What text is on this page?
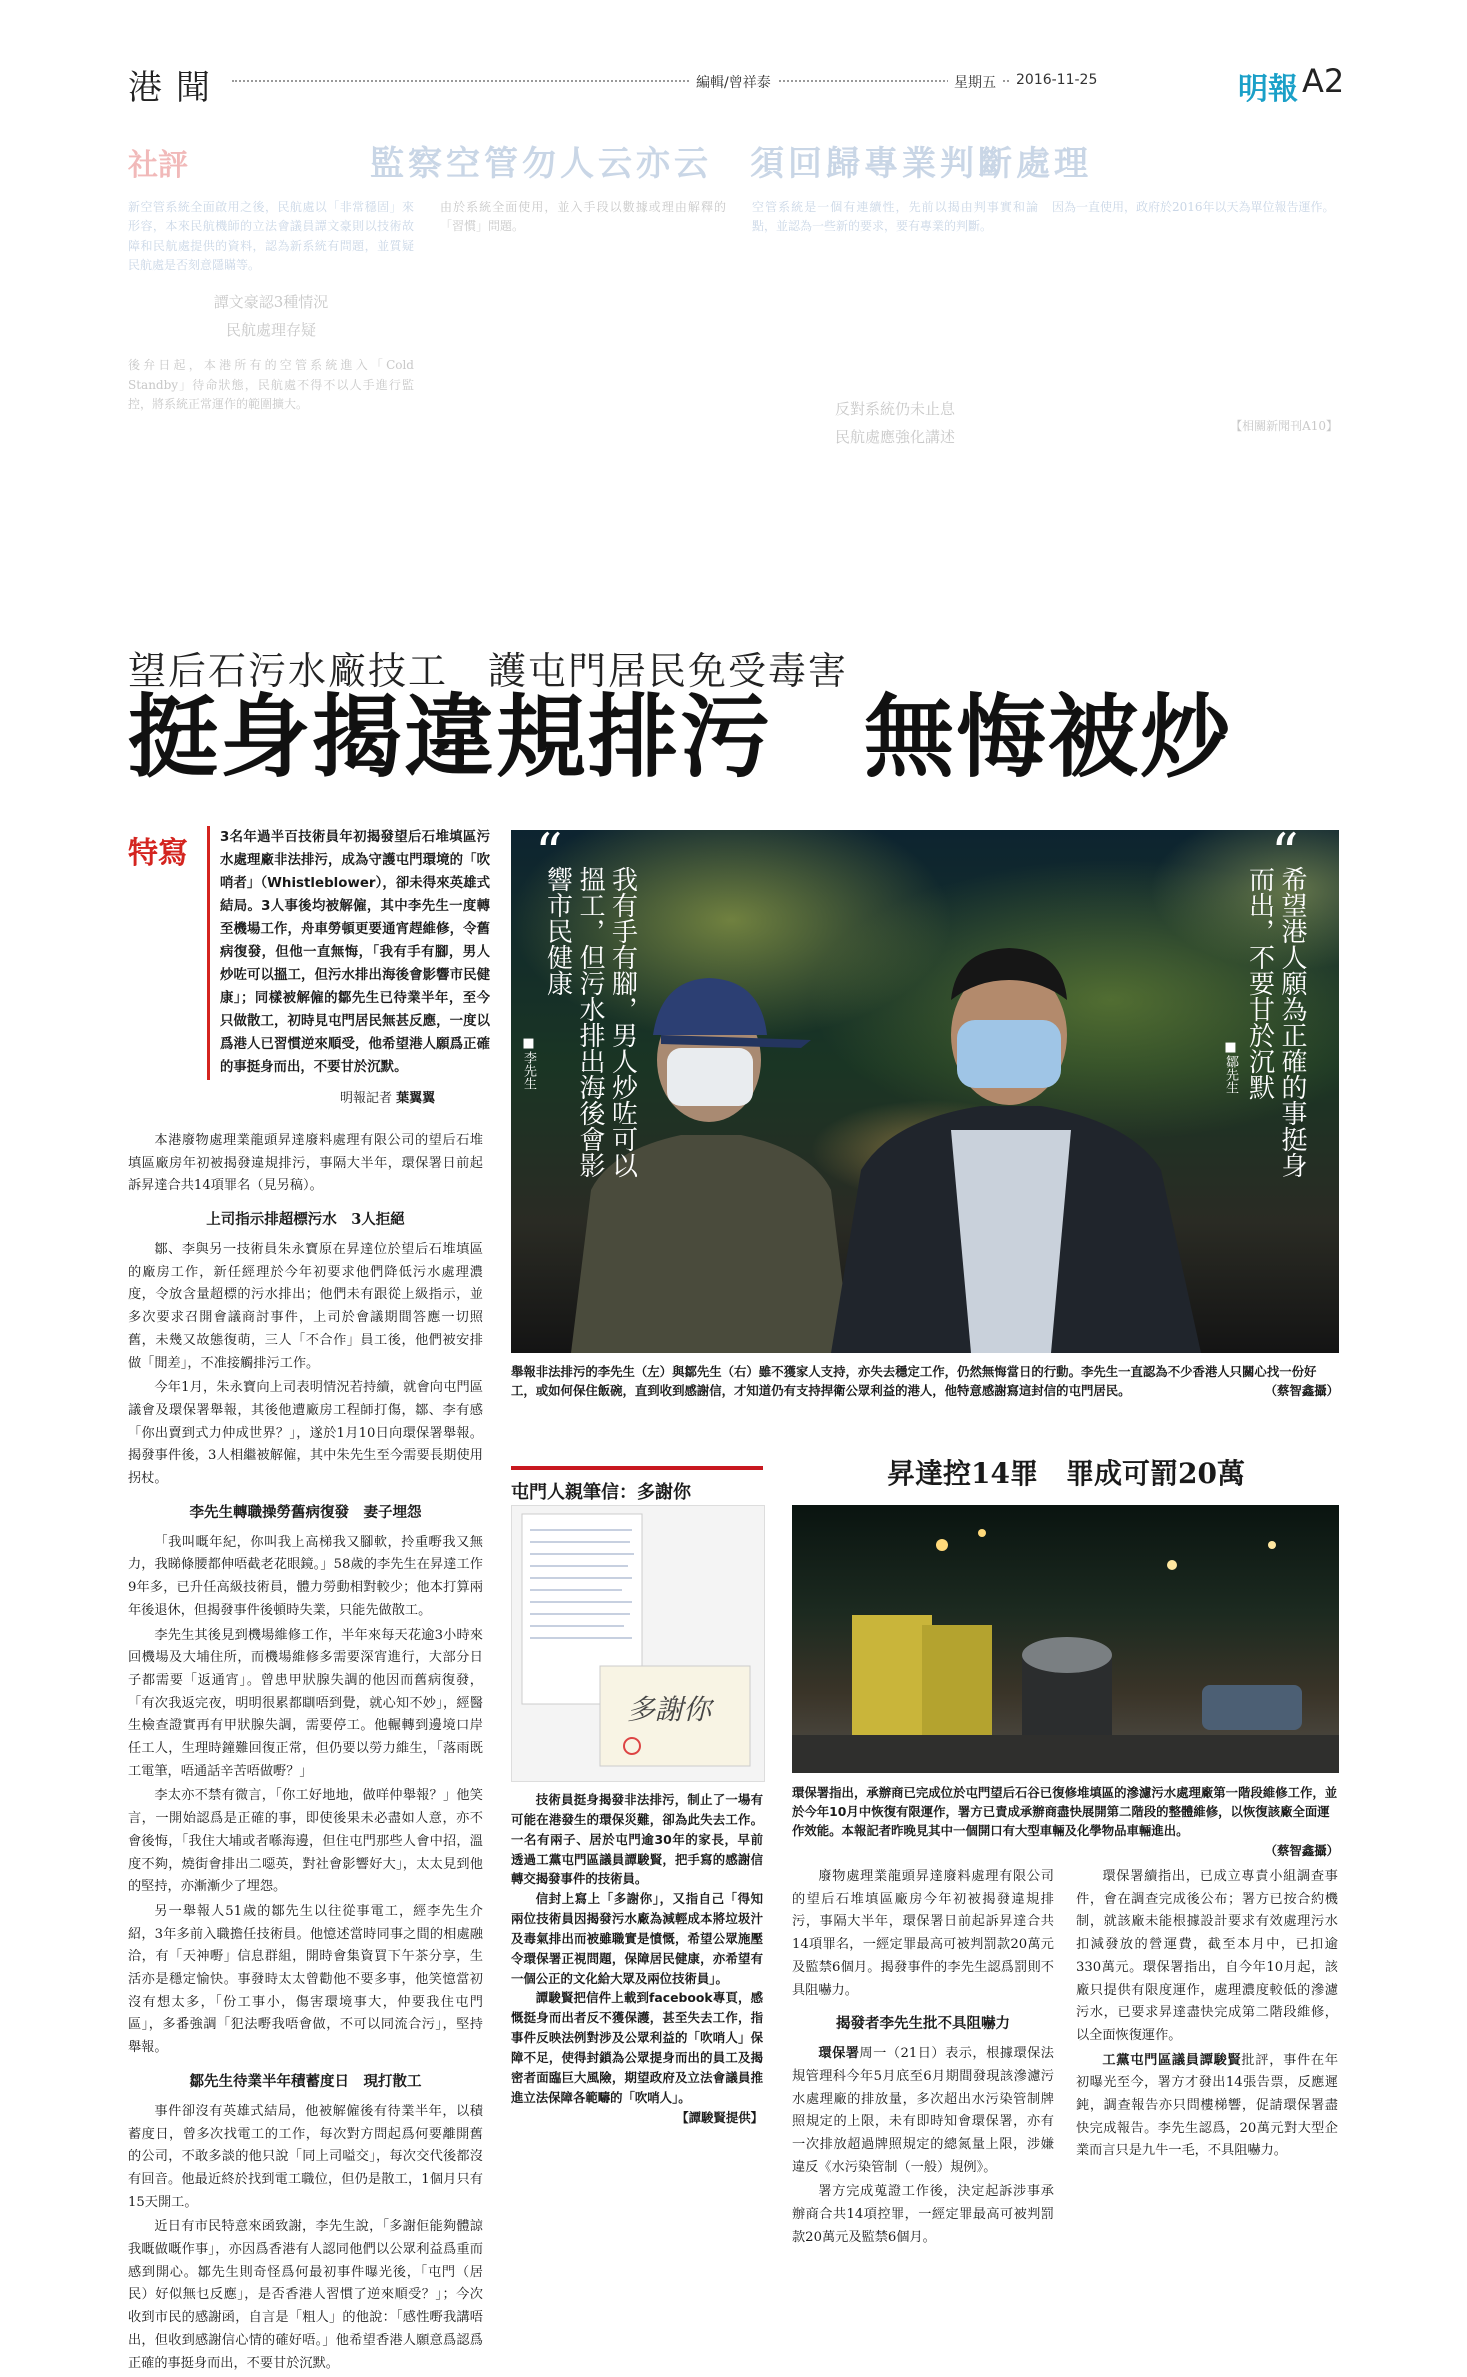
港聞	編輯/曾祥泰	星期五	2016-11-25	明報 A2
社評	監察空管勿人云亦云　須回歸專業判斷處理
新空管系統全面啟用之後，民航處以「非常穩固」來形容，本來民航機師的立法會議員譚文豪則以技術故障和民航處提供的資料，認為新系統有問題，並質疑民航處是否刻意隱瞞等。
譚文豪認3種情況
民航處理存疑
後弁日起，本港所有的空管系統進入「Cold Standby」待命狀態，民航處不得不以人手進行監控，將系統正常運作的範圍擴大。
由於系統全面使用，並入手段以數據或理由解釋的「習慣」問題。
空管系統是一個有連續性，先前以揭由判事實和論點，並認為一些新的要求，要有專業的判斷。
反對系統仍未止息
民航處應強化講述
因為一直使用，政府於2016年以天為單位報告運作。
【相關新聞刊A10】
望后石污水廠技工　護屯門居民免受毒害
挺身揭違規排污　無悔被炒
特寫	3名年過半百技術員年初揭發望后石堆填區污水處理廠非法排污，成為守護屯門環境的「吹哨者」（Whistleblower），卻未得來英雄式結局。3人事後均被解僱，其中李先生一度轉至機場工作，舟車勞頓更要通宵趕維修，令舊病復發，但他一直無悔，「我有手有腳，男人炒咗可以搵工，但污水排出海後會影響市民健康」；同樣被解僱的鄒先生已待業半年，至今只做散工，初時見屯門居民無甚反應，一度以爲港人已習慣逆來順受，他希望港人願爲正確的事挺身而出，不要甘於沉默。
明報記者 葉翼翼
“
我有手有腳，男人炒咗可以搵工，但污水排出海後會影響市民健康
■李先生
“
希望港人願為正確的事挺身而出，不要甘於沉默
■鄒先生
舉報非法排污的李先生（左）與鄒先生（右）雖不獲家人支持，亦失去穩定工作，仍然無悔當日的行動。李先生一直認為不少香港人只關心找一份好工，或如何保住飯碗，直到收到感謝信，才知道仍有支持捍衛公眾利益的港人，他特意感謝寫這封信的屯門居民。	（蔡智鑫攝）

本港廢物處理業龍頭昇達廢料處理有限公司的望后石堆填區廠房年初被揭發違規排污，事隔大半年，環保署日前起訴昇達合共14項罪名（見另稿）。

上司指示排超標污水　3人拒絕

鄒、李與另一技術員朱永寶原在昇達位於望后石堆填區的廠房工作，新任經理於今年初要求他們降低污水處理濃度，令放含量超標的污水排出；他們未有跟從上級指示，並多次要求召開會議商討事件，上司於會議期間答應一切照舊，未幾又故態復萌，三人「不合作」員工後，他們被安排做「閒差」，不准接觸排污工作。

今年1月，朱永寶向上司表明情況若持續，就會向屯門區議會及環保署舉報，其後他遭廠房工程師打傷，鄒、李有感「你出賣到式力仲成世界？」，遂於1月10日向環保署舉報。揭發事件後，3人相繼被解僱，其中朱先生至今需要長期使用拐杖。

李先生轉職操勞舊病復發　妻子埋怨

「我叫嘅年紀，你叫我上高梯我又腳軟，拎重嘢我又無力，我睇條腰都伸唔截老花眼鏡。」58歲的李先生在昇達工作9年多，已升任高級技術員，體力勞動相對較少；他本打算兩年後退休，但揭發事件後頓時失業，只能先做散工。

李先生其後見到機場維修工作，半年來每天花逾3小時來回機場及大埔住所，而機場維修多需要深宵進行，大部分日子都需要「返通宵」。曾患甲狀腺失調的他因而舊病復發，「有次我返完夜，明明很累都瞓唔到覺，就心知不妙」，經醫生檢查證實再有甲狀腺失調，需要停工。他輾轉到邊境口岸任工人，生理時鐘難回復正常，但仍要以勞力維生，「落雨既工電筆，唔通話辛苦唔做嘢？」

李太亦不禁有微言，「你工好地地，做咩仲舉報？」他笑言，一開始認爲是正確的事，即使後果未必盡如人意，亦不會後悔，「我住大埔或者喺海邊，但住屯門那些人會中招，溫度不夠，燒街會排出二噁英，對社會影響好大」，太太見到他的堅持，亦漸漸少了埋怨。

另一舉報人51歲的鄒先生以往從事電工，經李先生介紹，3年多前入職擔任技術員。他憶述當時同事之間的相處融洽，有「天神嘢」信息群組，開時會集資買下午茶分享，生活亦是穩定愉快。事發時太太曾勸他不要多事，他笑憶當初沒有想太多，「份工事小，傷害環境事大，仲要我住屯門區」，多番強調「犯法嘢我唔會做，不可以同流合污」，堅持舉報。

鄒先生待業半年積蓄度日　現打散工

事件卻沒有英雄式結局，他被解僱後有待業半年，以積蓄度日，曾多次找電工的工作，每次對方問起爲何要離開舊的公司，不敢多談的他只說「同上司嗌交」，每次交代後都沒有回音。他最近終於找到電工職位，但仍是散工，1個月只有15天開工。

近日有市民特意來函致謝，李先生說，「多謝佢能夠體諒我嘅做嘅作事」，亦因爲香港有人認同他們以公眾利益爲重而感到開心。鄒先生則奇怪爲何最初事件曝光後，「屯門（居民）好似無乜反應」，是否香港人習慣了逆來順受？」；今次收到市民的感謝函，自言是「粗人」的他說：「感性嘢我講唔出，但收到感謝信心情的確好唔。」他希望香港人願意爲認爲正確的事挺身而出，不要甘於沉默。

屯門人親筆信：多謝你
多謝你

技術員挺身揭發非法排污，制止了一場有可能在港發生的環保災難，卻為此失去工作。一名有兩子、居於屯門逾30年的家長，早前透過工黨屯門區議員譚駿賢，把手寫的感謝信轉交揭發事件的技術員。

信封上寫上「多謝你」，又指自己「得知兩位技術員因揭發污水廠為減輕成本將垃圾汁及毒氣排出而被雖職實是憤慨，希望公眾施壓令環保署正視問題，保障居民健康，亦希望有一個公正的文化給大眾及兩位技術員」。

譚駿賢把信件上載到facebook專頁，感慨挺身而出者反不獲保護，甚至失去工作，指事件反映法例對涉及公眾利益的「吹哨人」保障不足，使得封鎖為公眾提身而出的員工及揭密者面臨巨大風險，期望政府及立法會議員推進立法保障各範疇的「吹哨人」。

【譚駿賢提供】
昇達控14罪　罪成可罰20萬
環保署指出，承辦商已完成位於屯門望后石谷已復修堆填區的滲濾污水處理廠第一階段維修工作，並於今年10月中恢復有限運作，署方已責成承辦商盡快展開第二階段的整體維修，以恢復該廠全面運作效能。本報記者昨晚見其中一個開口有大型車輛及化學物品車輛進出。
（蔡智鑫攝）

廢物處理業龍頭昇達廢料處理有限公司的望后石堆填區廠房今年初被揭發違規排污，事隔大半年，環保署日前起訴昇達合共14項罪名，一經定罪最高可被判罰款20萬元及監禁6個月。揭發事件的李先生認爲罰則不具阻嚇力。

揭發者李先生批不具阻嚇力

環保署周一（21日）表示，根據環保法規管理科今年5月底至6月期間發現該滲濾污水處理廠的排放量，多次超出水污染管制牌照規定的上限，未有即時知會環保署，亦有一次排放超過牌照規定的總氮量上限，涉嫌違反《水污染管制（一般）規例》。

署方完成蒐證工作後，決定起訴涉事承辦商合共14項控罪，一經定罪最高可被判罰款20萬元及監禁6個月。

環保署續指出，已成立專責小組調查事件，會在調查完成後公布；署方已按合約機制，就該廠未能根據設計要求有效處理污水扣減發放的營運費，截至本月中，已扣逾330萬元。環保署指出，自今年10月起，該廠只提供有限度運作，處理濃度較低的滲濾污水，已要求昇達盡快完成第二階段維修，以全面恢復運作。

工黨屯門區議員譚駿賢批評，事件在年初曝光至今，署方才發出14張告票，反應遲鈍，調查報告亦只問樓梯響，促請環保署盡快完成報告。李先生認爲，20萬元對大型企業而言只是九牛一毛，不具阻嚇力。
